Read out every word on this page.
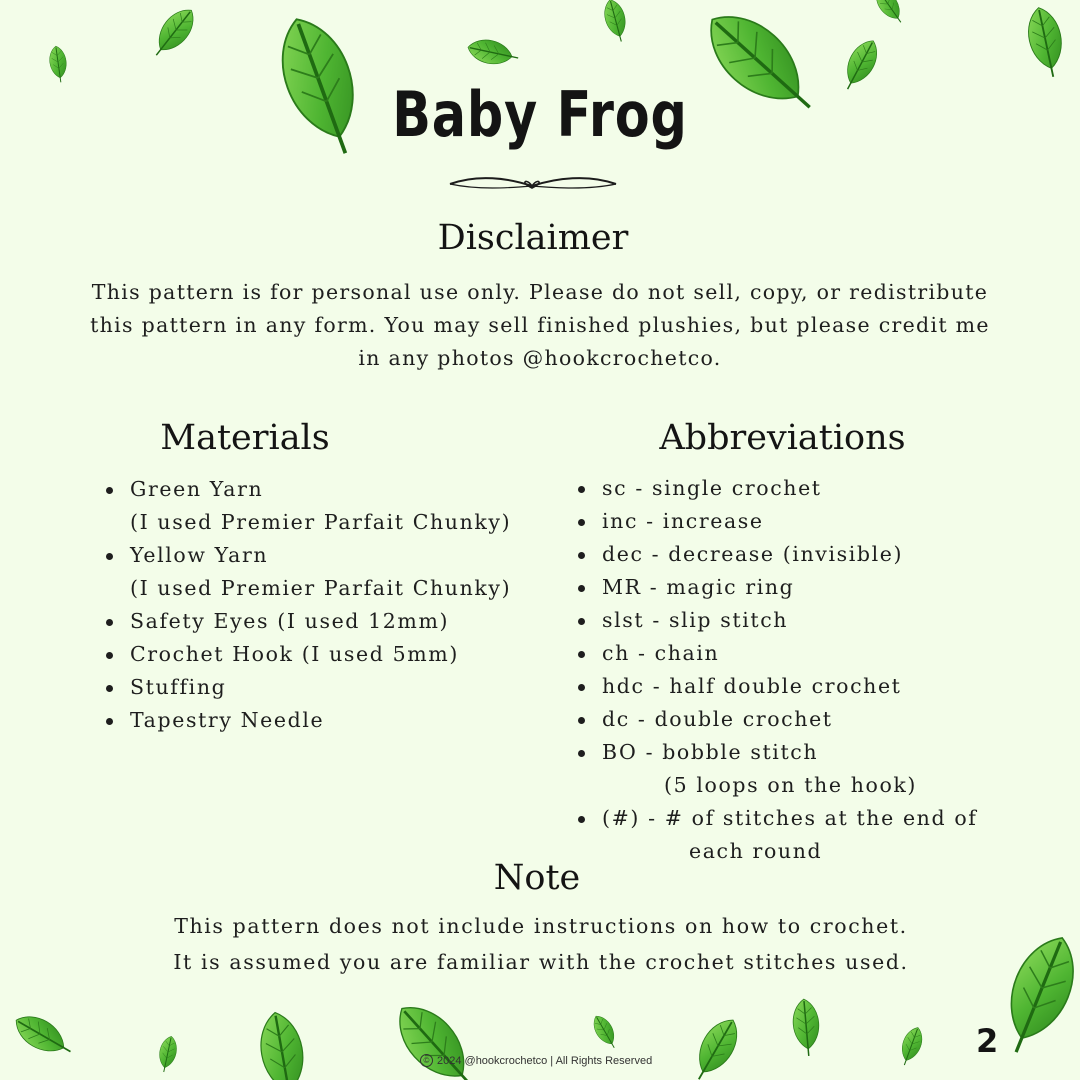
Baby Frog
Disclaimer
This pattern is for personal use only. Please do not sell, copy, or redistribute
this pattern in any form. You may sell finished plushies, but please credit me
in any photos @hookcrochetco.
Materials
Green Yarn
(I used Premier Parfait Chunky)
Yellow Yarn
(I used Premier Parfait Chunky)
Safety Eyes (I used 12mm)
Crochet Hook (I used 5mm)
Stuffing
Tapestry Needle
Abbreviations
sc - single crochet
inc - increase
dec - decrease (invisible)
MR - magic ring
slst - slip stitch
ch - chain
hdc - half double crochet
dc - double crochet
BO - bobble stitch
(5 loops on the hook)
(#) - # of stitches at the end of
each round
Note
This pattern does not include instructions on how to crochet.
It is assumed you are familiar with the crochet stitches used.
© 2024 @hookcrochetco | All Rights Reserved
2
